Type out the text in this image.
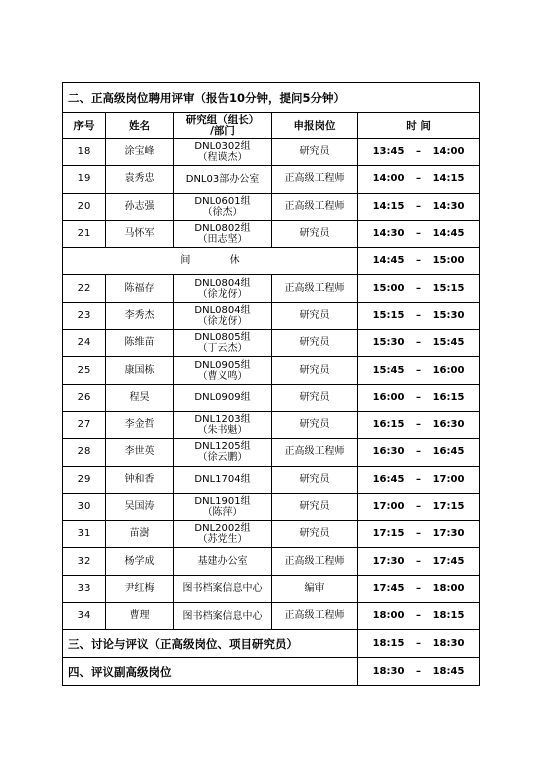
二、正高级岗位聘用评审（报告10分钟，提问5分钟）				
序号	姓名	研究组（组长）
/部门	申报岗位	时 间
18	涂宝峰	DNL0302组
（程谟杰）	研究员	13:45 – 14:00
19	袁秀忠	DNL03部办公室	正高级工程师	14:00 – 14:15
20	孙志强	DNL0601组
（徐杰）	正高级工程师	14:15 – 14:30
21	马怀军	DNL0802组
（田志坚）	研究员	14:30 – 14:45
间 休				14:45 – 15:00
22	陈福存	DNL0804组
（徐龙伢）	正高级工程师	15:00 – 15:15
23	李秀杰	DNL0804组
（徐龙伢）	研究员	15:15 – 15:30
24	陈维苗	DNL0805组
（丁云杰）	研究员	15:30 – 15:45
25	康国栋	DNL0905组
（曹义鸣）	研究员	15:45 – 16:00
26	程昊	DNL0909组	研究员	16:00 – 16:15
27	李金哲	DNL1203组
（朱书魁）	研究员	16:15 – 16:30
28	李世英	DNL1205组
（徐云鹏）	正高级工程师	16:30 – 16:45
29	钟和香	DNL1704组	研究员	16:45 – 17:00
30	吴国涛	DNL1901组
（陈萍）	研究员	17:00 – 17:15
31	苗澍	DNL2002组
（苏党生）	研究员	17:15 – 17:30
32	杨学成	基建办公室	正高级工程师	17:30 – 17:45
33	尹红梅	图书档案信息中心	编审	17:45 – 18:00
34	曹理	图书档案信息中心	正高级工程师	18:00 – 18:15
三、讨论与评议（正高级岗位、项目研究员）				18:15 – 18:30
四、评议副高级岗位				18:30 – 18:45
